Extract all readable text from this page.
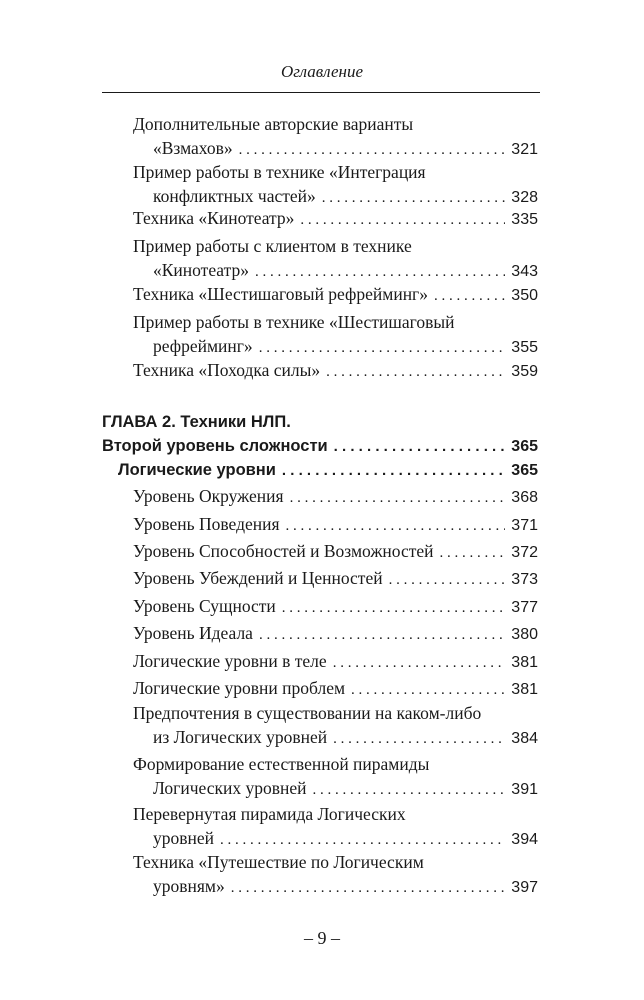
Оглавление
Дополнительные авторские варианты
«Взмахов» . . .	321
Пример работы в технике «Интеграция
конфликтных частей» . . .	328
Техника «Кинотеатр» . . .	335
Пример работы с клиентом в технике
«Кинотеатр» . . .	343
Техника «Шестишаговый рефрейминг» . . .	350
Пример работы в технике «Шестишаговый
рефрейминг» . . .	355
Техника «Походка силы» . . .	359
ГЛАВА 2. Техники НЛП.
Второй уровень сложности . . .	365
Логические уровни . . .	365
Уровень Окружения . . .	368
Уровень Поведения . . .	371
Уровень Способностей и Возможностей . . .	372
Уровень Убеждений и Ценностей . . .	373
Уровень Сущности . . .	377
Уровень Идеала . . .	380
Логические уровни в теле . . .	381
Логические уровни проблем . . .	381
Предпочтения в существовании на каком-либо
из Логических уровней . . .	384
Формирование естественной пирамиды
Логических уровней . . .	391
Перевернутая пирамида Логических
уровней . . .	394
Техника «Путешествие по Логическим
уровням» . . .	397
– 9 –
